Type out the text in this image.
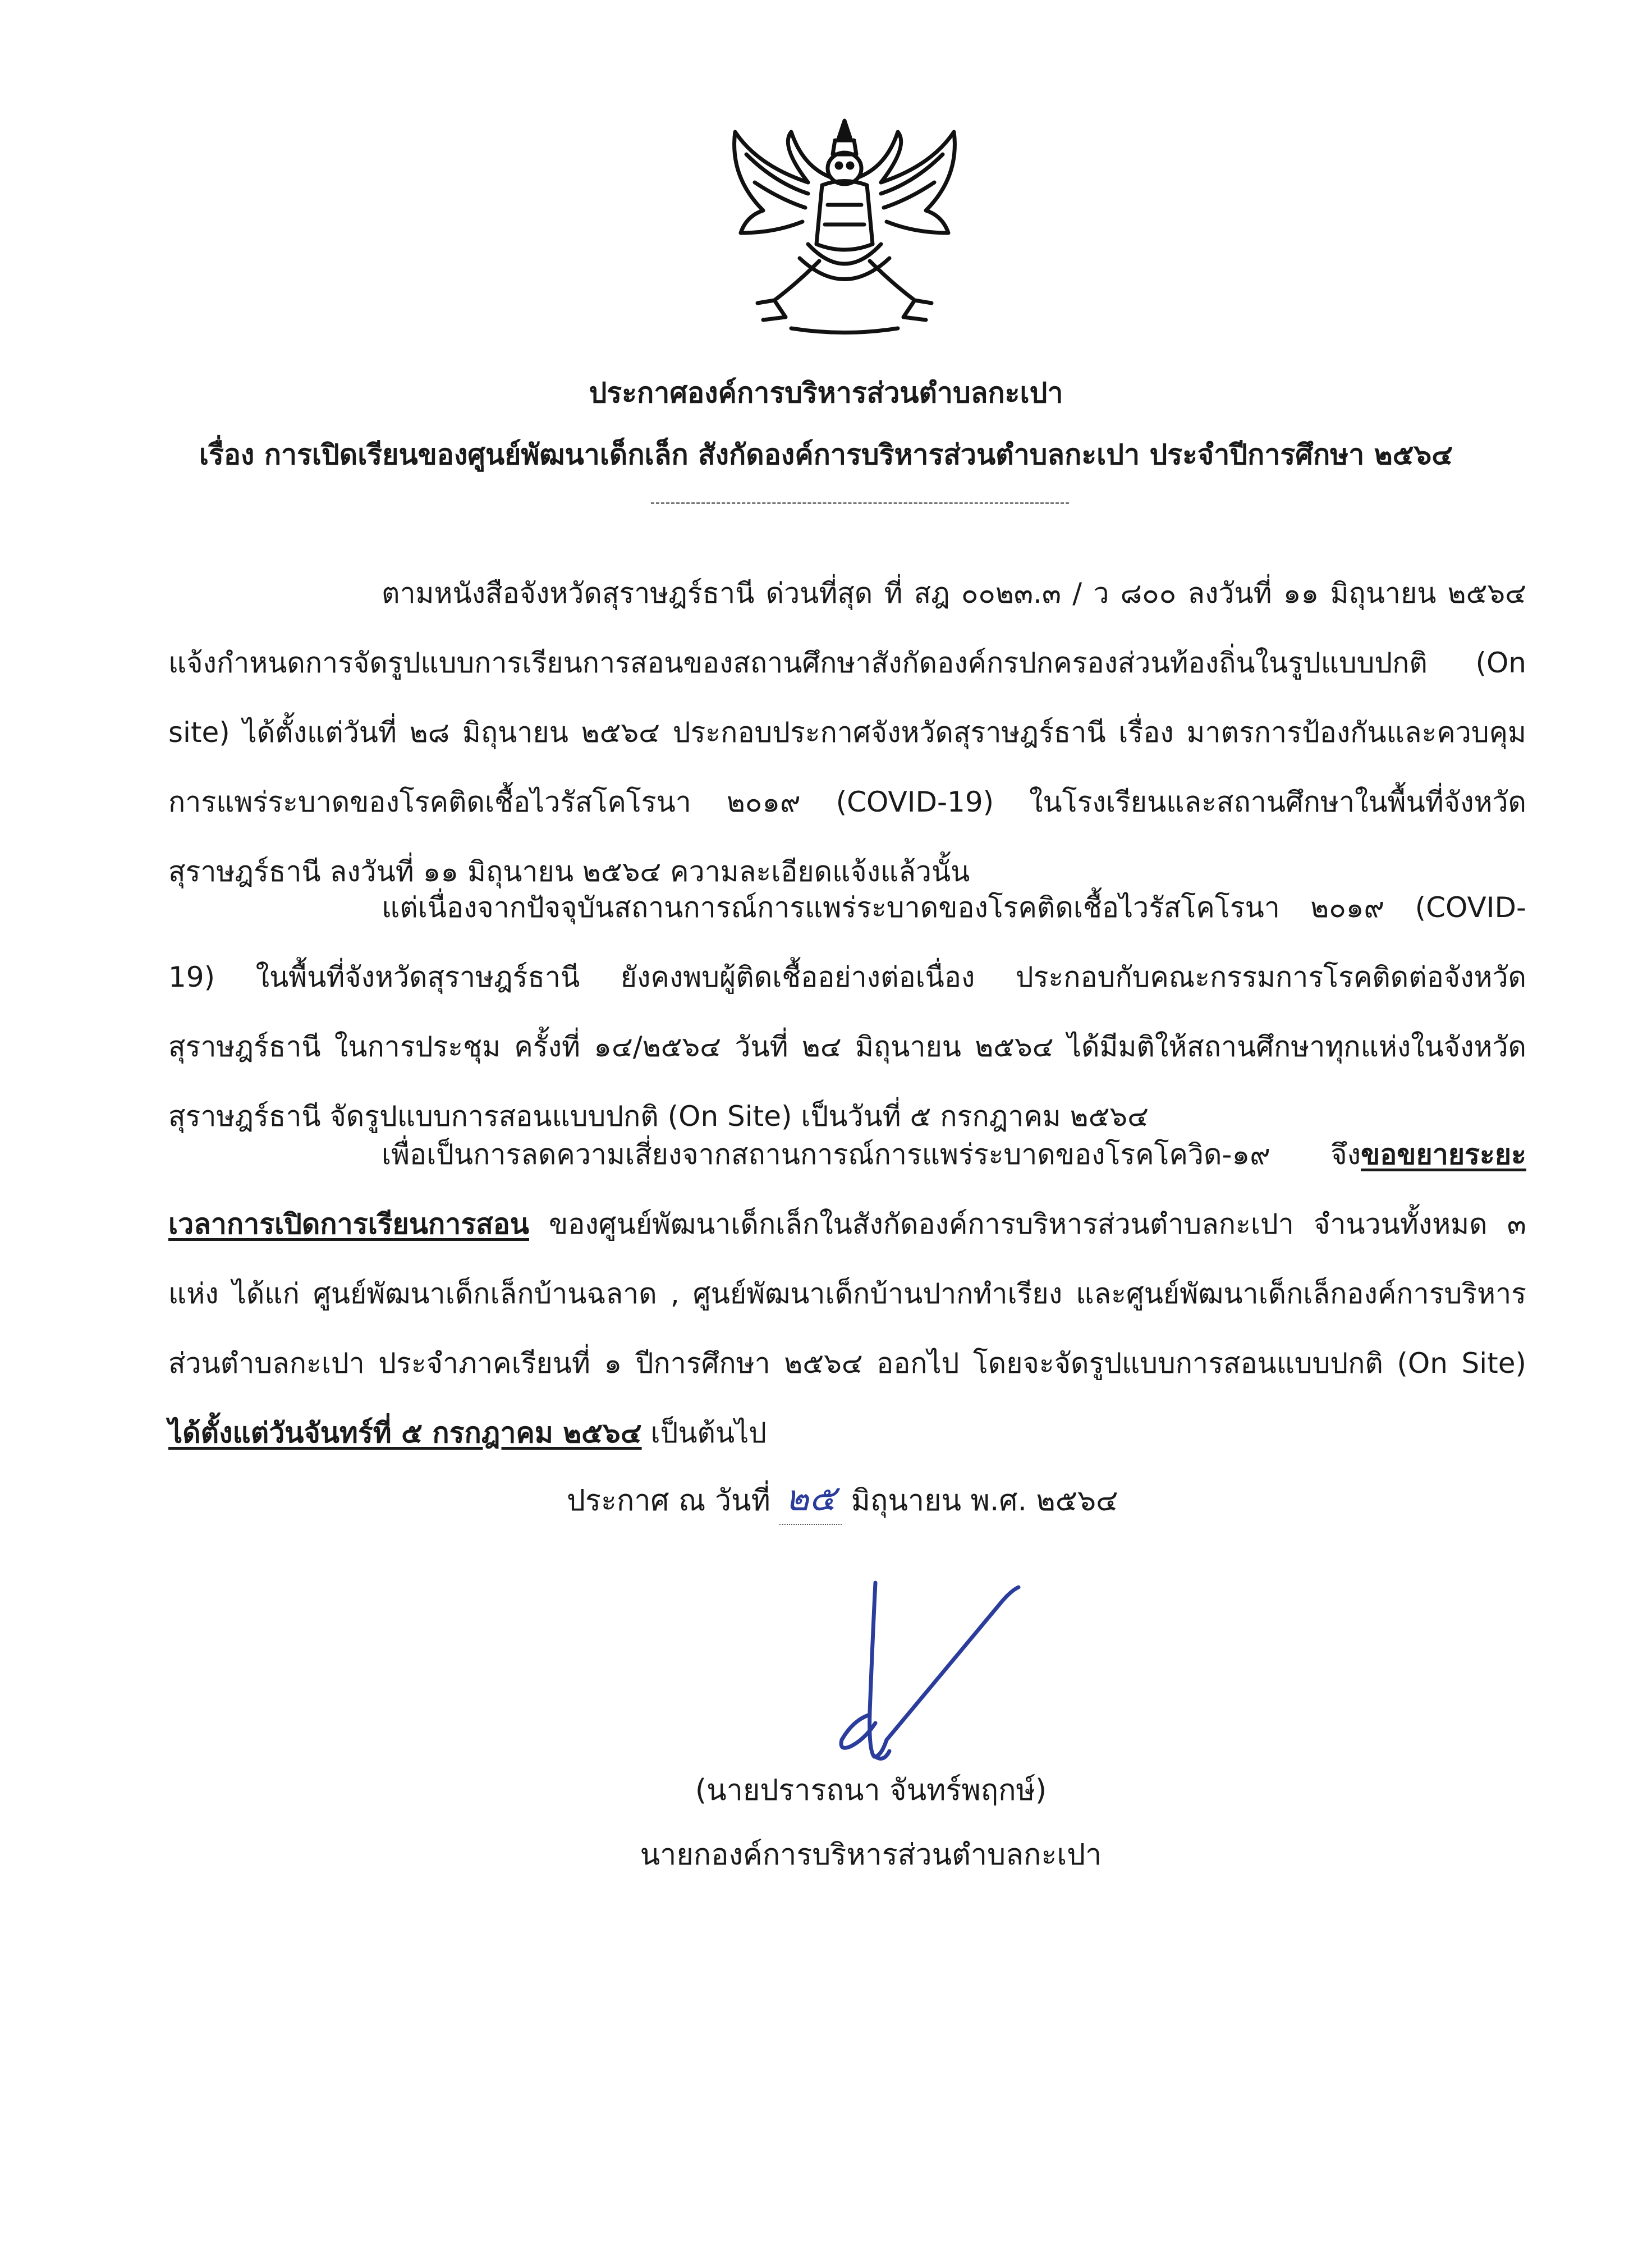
ประกาศองค์การบริหารส่วนตำบลกะเปา
เรื่อง การเปิดเรียนของศูนย์พัฒนาเด็กเล็ก สังกัดองค์การบริหารส่วนตำบลกะเปา ประจำปีการศึกษา ๒๕๖๔
ตามหนังสือจังหวัดสุราษฎร์ธานี ด่วนที่สุด ที่ สฎ ๐๐๒๓.๓ / ว ๘๐๐ ลงวันที่ ๑๑ มิถุนายน ๒๕๖๔ แจ้งกำหนดการจัดรูปแบบการเรียนการสอนของสถานศึกษาสังกัดองค์กรปกครองส่วนท้องถิ่นในรูปแบบปกติ (On site) ได้ตั้งแต่วันที่ ๒๘ มิถุนายน ๒๕๖๔ ประกอบประกาศจังหวัดสุราษฎร์ธานี เรื่อง มาตรการป้องกันและควบคุมการแพร่ระบาดของโรคติดเชื้อไวรัสโคโรนา ๒๐๑๙ (COVID-19) ในโรงเรียนและสถานศึกษาในพื้นที่จังหวัดสุราษฎร์ธานี ลงวันที่ ๑๑ มิถุนายน ๒๕๖๔ ความละเอียดแจ้งแล้วนั้น
แต่เนื่องจากปัจจุบันสถานการณ์การแพร่ระบาดของโรคติดเชื้อไวรัสโคโรนา ๒๐๑๙ (COVID-19) ในพื้นที่จังหวัดสุราษฎร์ธานี ยังคงพบผู้ติดเชื้ออย่างต่อเนื่อง ประกอบกับคณะกรรมการโรคติดต่อจังหวัดสุราษฎร์ธานี ในการประชุม ครั้งที่ ๑๔/๒๕๖๔ วันที่ ๒๔ มิถุนายน ๒๕๖๔ ได้มีมติให้สถานศึกษาทุกแห่งในจังหวัดสุราษฎร์ธานี จัดรูปแบบการสอนแบบปกติ (On Site) เป็นวันที่ ๕ กรกฎาคม ๒๕๖๔
เพื่อเป็นการลดความเสี่ยงจากสถานการณ์การแพร่ระบาดของโรคโควิด-๑๙ จึงขอขยายระยะเวลาการเปิดการเรียนการสอน ของศูนย์พัฒนาเด็กเล็กในสังกัดองค์การบริหารส่วนตำบลกะเปา จำนวนทั้งหมด ๓ แห่ง ได้แก่ ศูนย์พัฒนาเด็กเล็กบ้านฉลาด , ศูนย์พัฒนาเด็กบ้านปากทำเรียง และศูนย์พัฒนาเด็กเล็กองค์การบริหารส่วนตำบลกะเปา ประจำภาคเรียนที่ ๑ ปีการศึกษา ๒๕๖๔ ออกไป โดยจะจัดรูปแบบการสอนแบบปกติ (On Site) ได้ตั้งแต่วันจันทร์ที่ ๕ กรกฎาคม ๒๕๖๔ เป็นต้นไป
ประกาศ ณ วันที่ ๒๕ มิถุนายน พ.ศ. ๒๕๖๔
(นายปรารถนา จันทร์พฤกษ์)
นายกองค์การบริหารส่วนตำบลกะเปา
